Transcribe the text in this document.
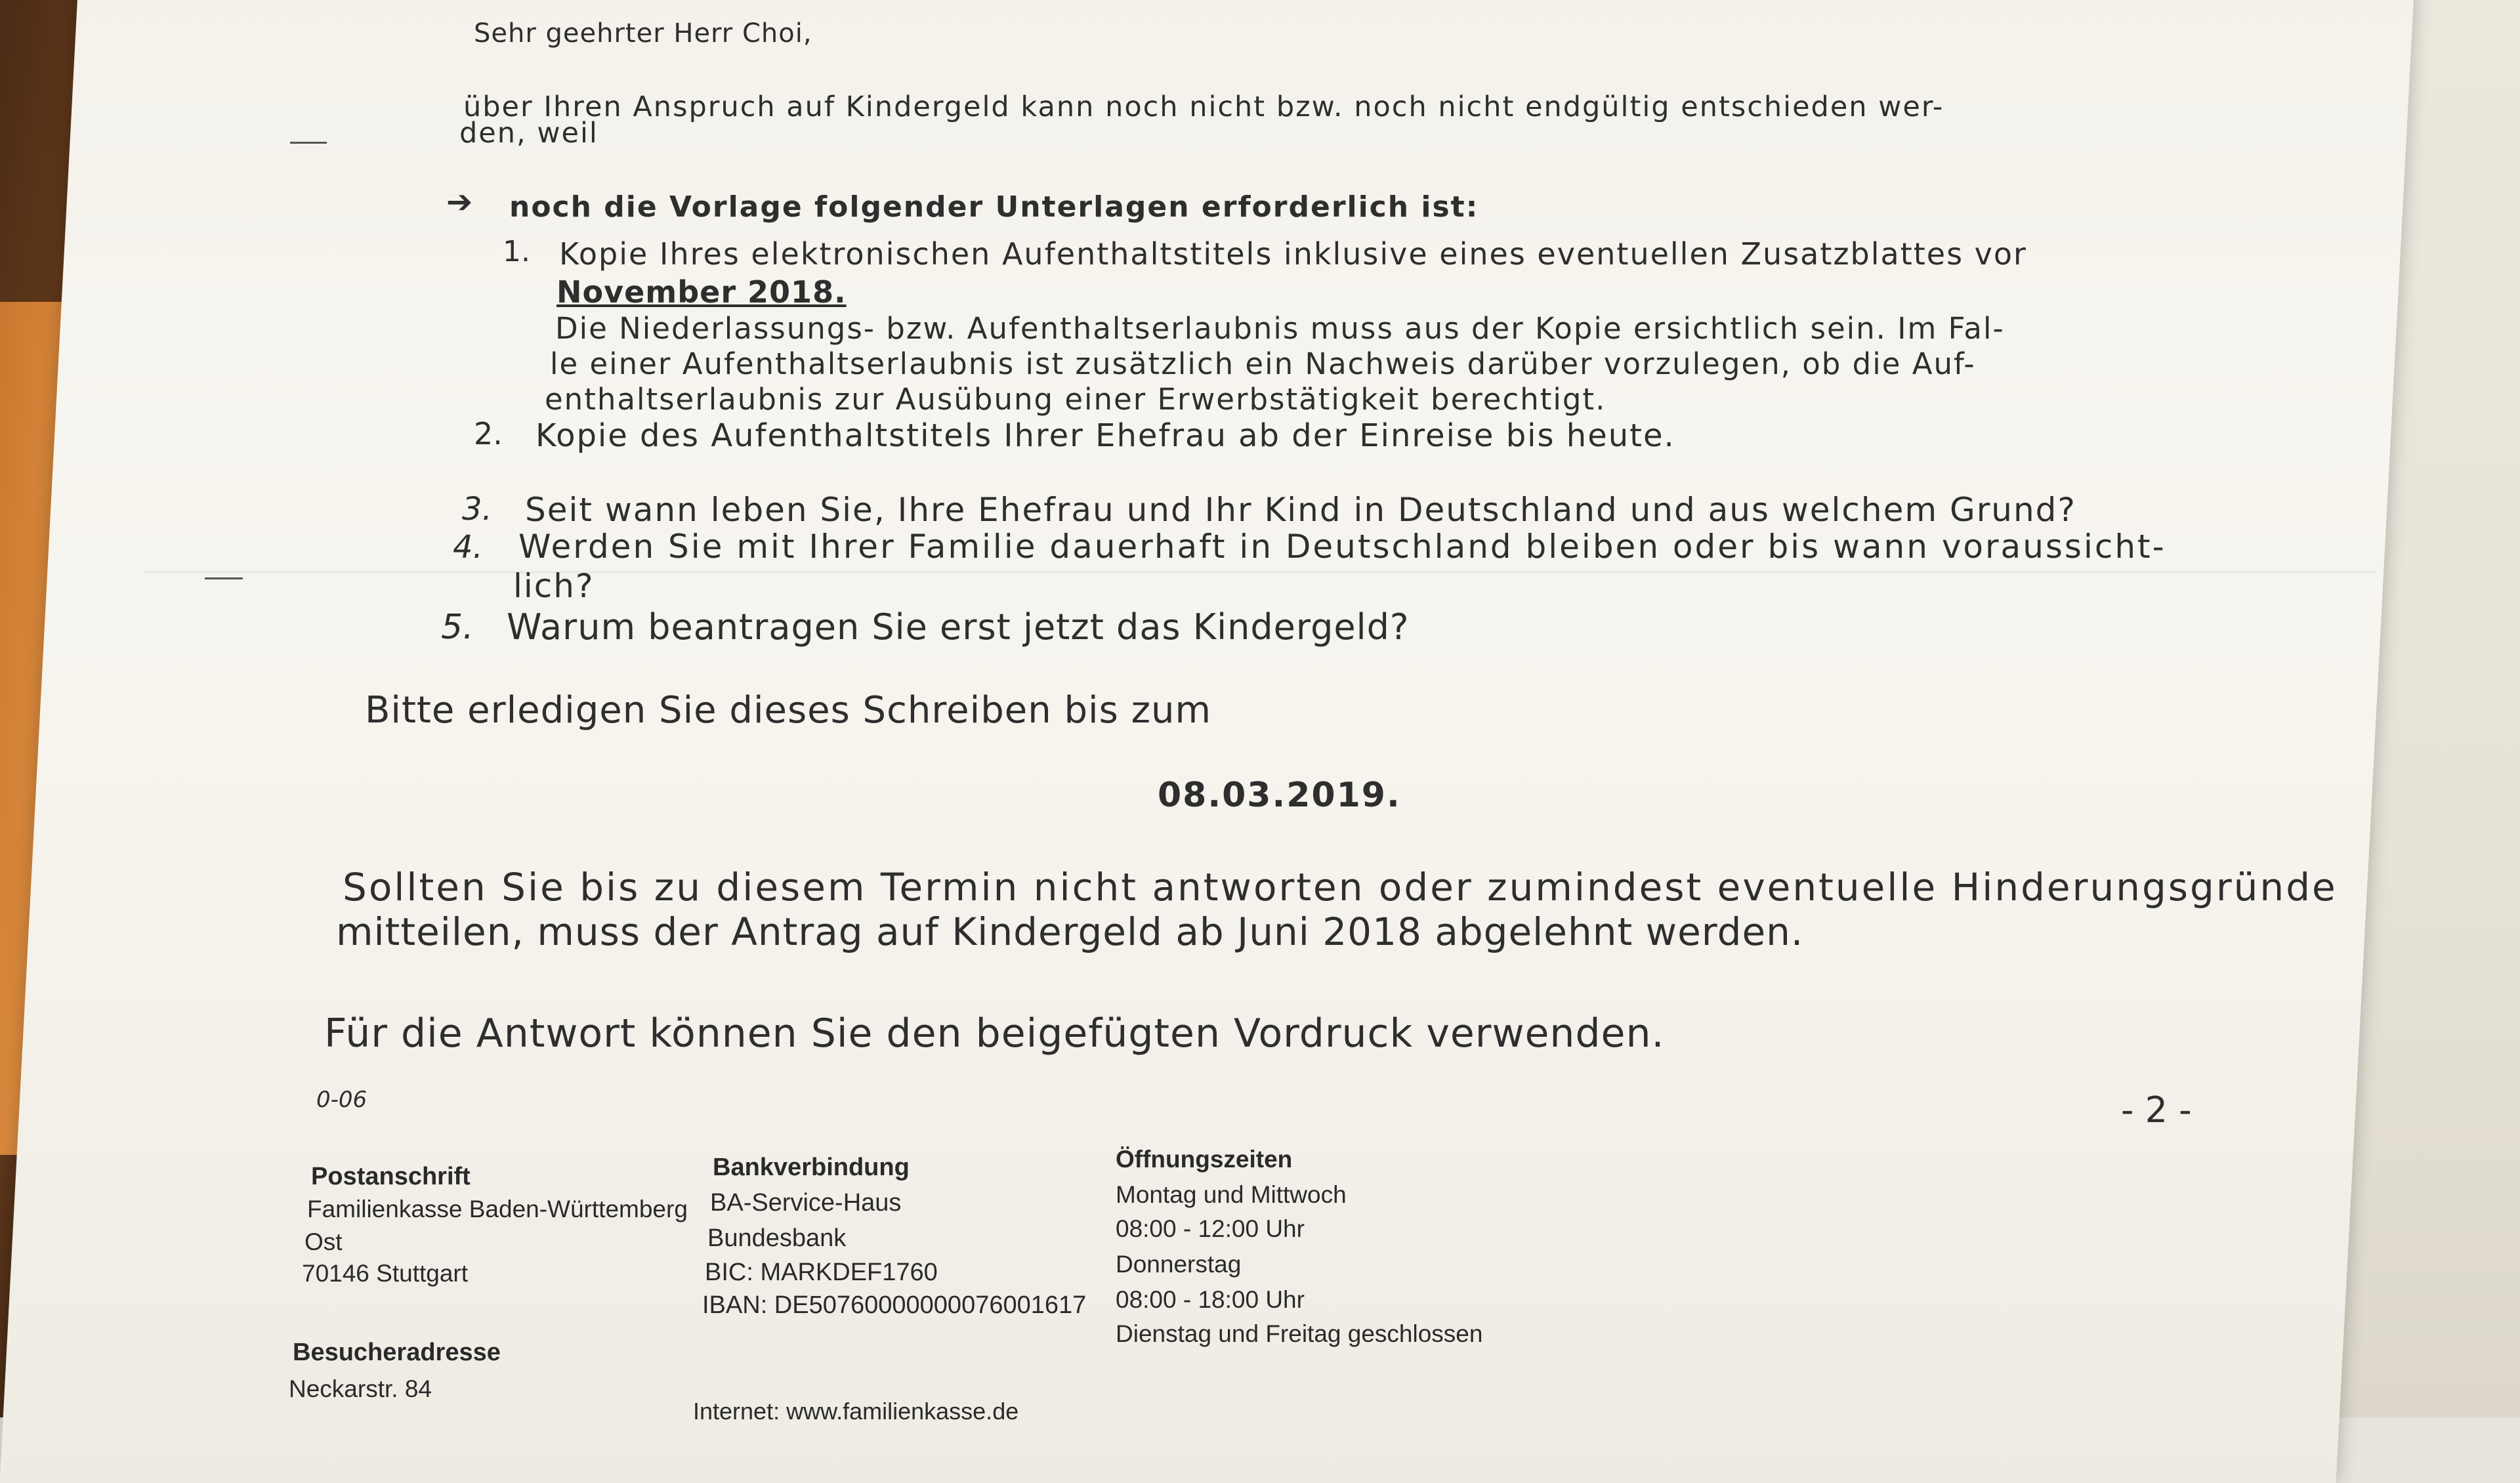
Sehr geehrter Herr Choi,
über Ihren Anspruch auf Kindergeld kann noch nicht bzw. noch nicht endgültig entschieden wer-
den, weil
➔ noch die Vorlage folgender Unterlagen erforderlich ist:
1. Kopie Ihres elektronischen Aufenthaltstitels inklusive eines eventuellen Zusatzblattes vor
November 2018.
Die Niederlassungs- bzw. Aufenthaltserlaubnis muss aus der Kopie ersichtlich sein. Im Fal-
le einer Aufenthaltserlaubnis ist zusätzlich ein Nachweis darüber vorzulegen, ob die Auf-
enthaltserlaubnis zur Ausübung einer Erwerbstätigkeit berechtigt.
2. Kopie des Aufenthaltstitels Ihrer Ehefrau ab der Einreise bis heute.
3. Seit wann leben Sie, Ihre Ehefrau und Ihr Kind in Deutschland und aus welchem Grund?
4. Werden Sie mit Ihrer Familie dauerhaft in Deutschland bleiben oder bis wann voraussicht-
lich?
5. Warum beantragen Sie erst jetzt das Kindergeld?
Bitte erledigen Sie dieses Schreiben bis zum
08.03.2019.
Sollten Sie bis zu diesem Termin nicht antworten oder zumindest eventuelle Hinderungsgründe
mitteilen, muss der Antrag auf Kindergeld ab Juni 2018 abgelehnt werden.
Für die Antwort können Sie den beigefügten Vordruck verwenden.
0-06	- 2 -
Postanschrift
Familienkasse Baden-Württemberg
Ost
70146 Stuttgart
Besucheradresse
Neckarstr. 84
Bankverbindung
BA-Service-Haus
Bundesbank
BIC: MARKDEF1760
IBAN: DE50760000000076001617
Internet: www.familienkasse.de
Öffnungszeiten
Montag und Mittwoch
08:00 - 12:00 Uhr
Donnerstag
08:00 - 18:00 Uhr
Dienstag und Freitag geschlossen
